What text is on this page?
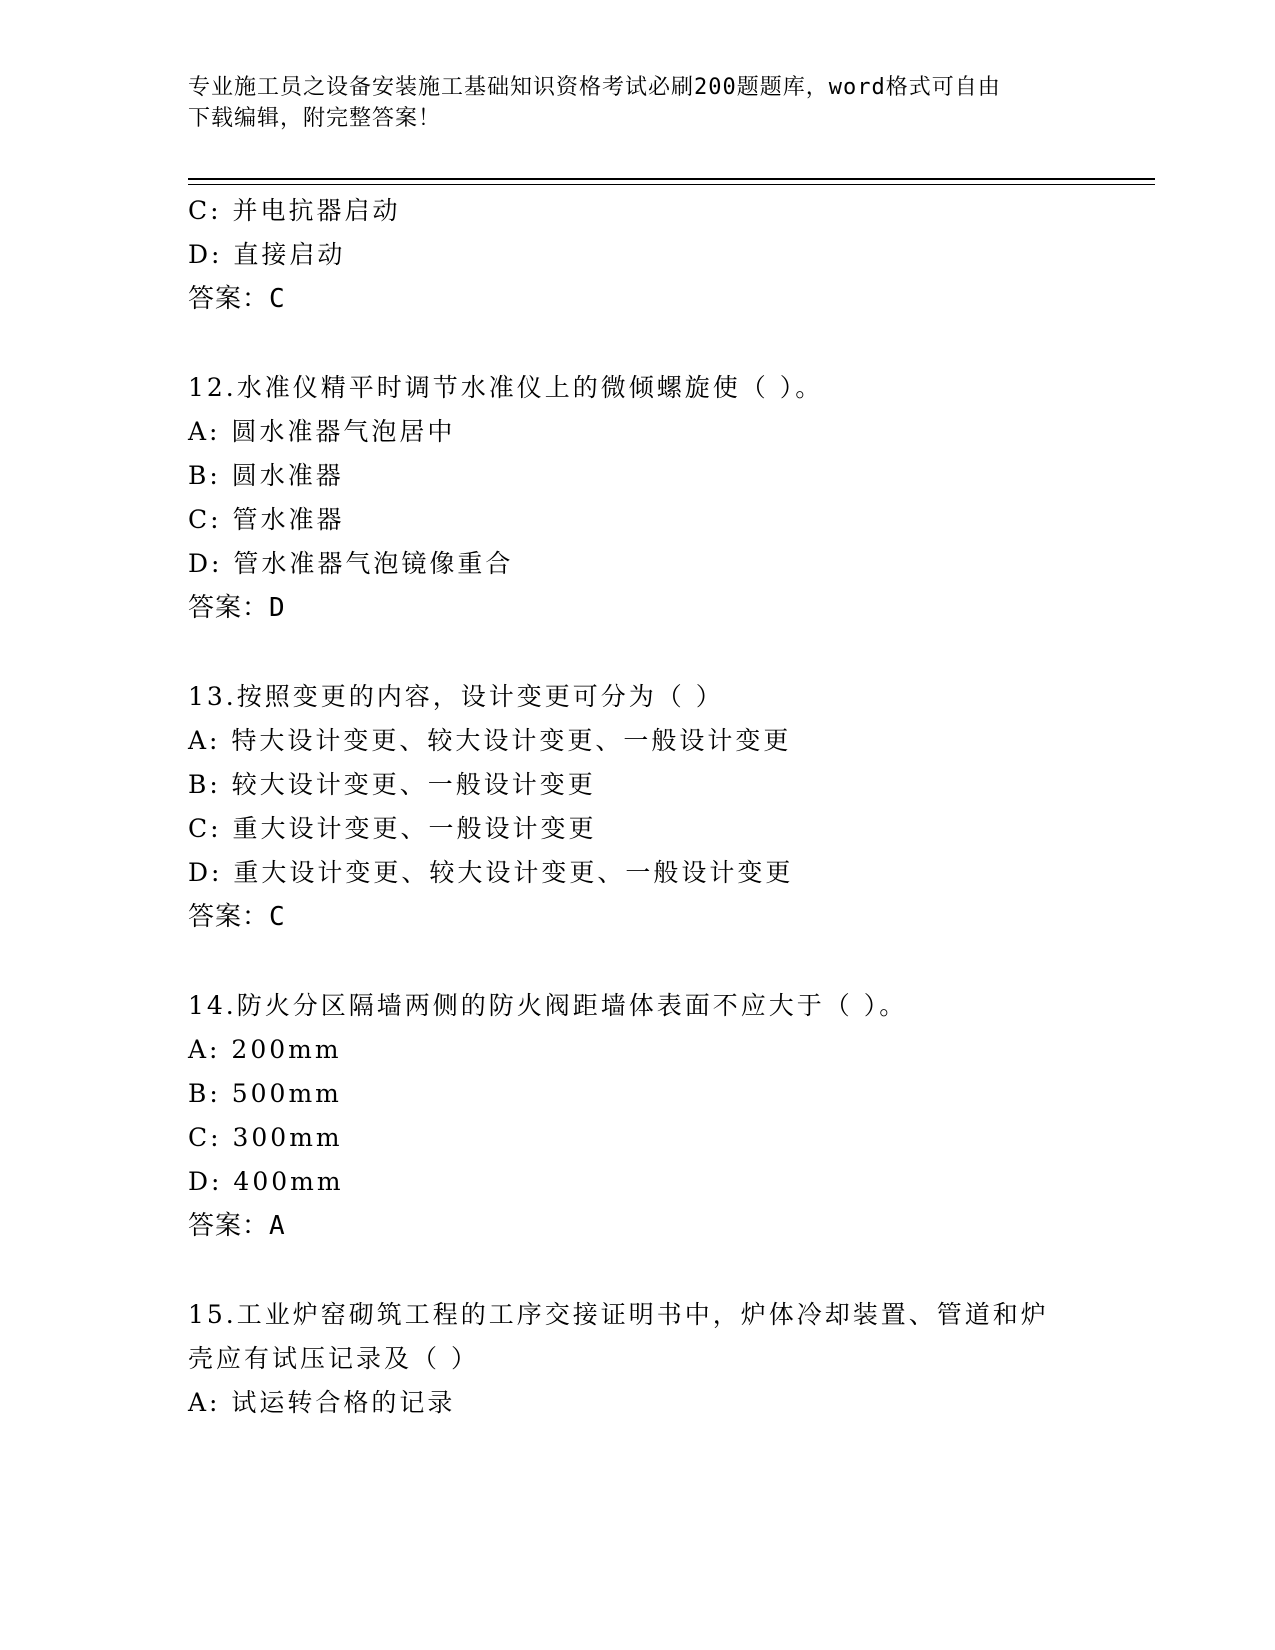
专业施工员之设备安装施工基础知识资格考试必刷200题题库，word格式可自由
下载编辑，附完整答案！
C: 并电抗器启动
D: 直接启动
答案：C
12.水准仪精平时调节水准仪上的微倾螺旋使（ ）。
A: 圆水准器气泡居中
B: 圆水准器
C: 管水准器
D: 管水准器气泡镜像重合
答案：D
13.按照变更的内容，设计变更可分为（ ）
A: 特大设计变更、较大设计变更、一般设计变更
B: 较大设计变更、一般设计变更
C: 重大设计变更、一般设计变更
D: 重大设计变更、较大设计变更、一般设计变更
答案：C
14.防火分区隔墙两侧的防火阀距墙体表面不应大于（ ）。
A: 200mm
B: 500mm
C: 300mm
D: 400mm
答案：A
15.工业炉窑砌筑工程的工序交接证明书中，炉体冷却装置、管道和炉
壳应有试压记录及（ ）
A: 试运转合格的记录
